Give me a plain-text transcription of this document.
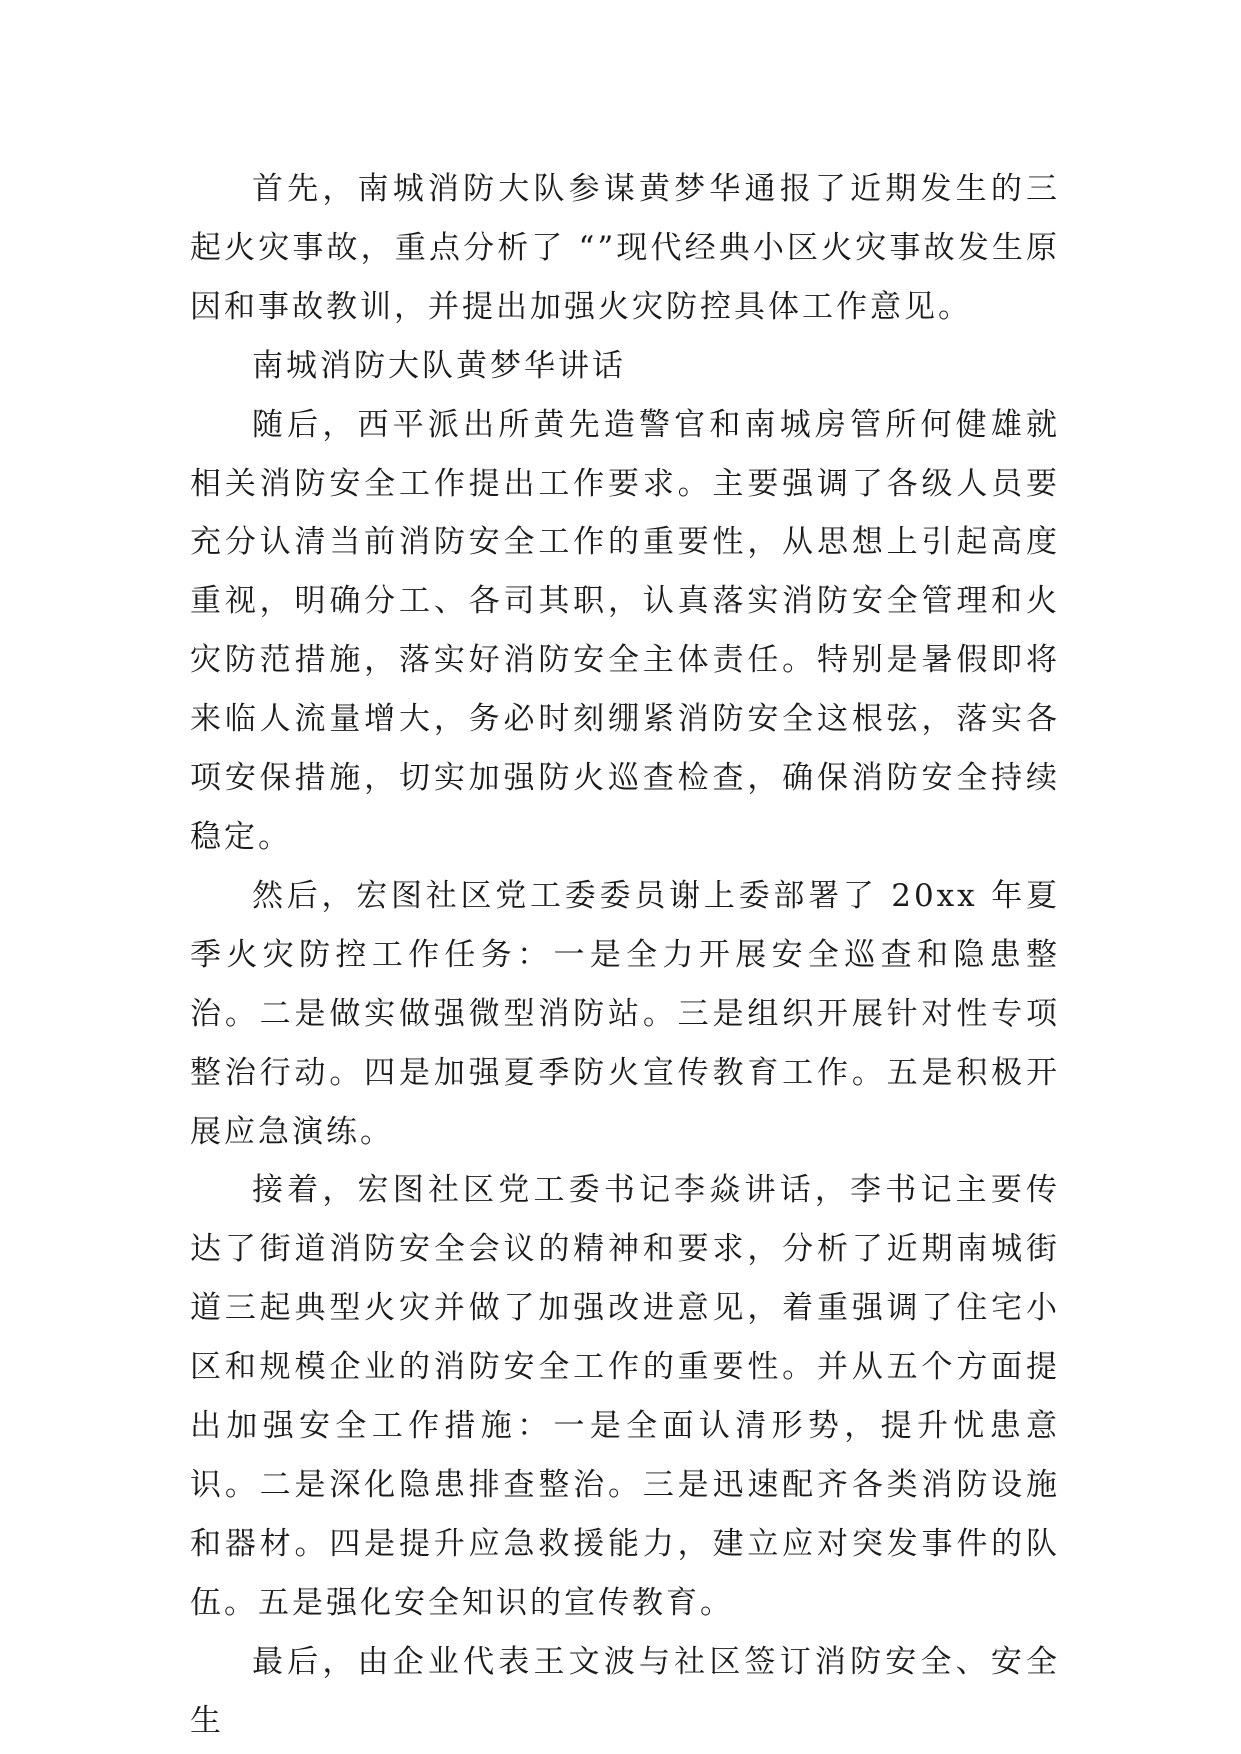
首先，南城消防大队参谋黄梦华通报了近期发生的三起火灾事故，重点分析了 “”现代经典小区火灾事故发生原因和事故教训，并提出加强火灾防控具体工作意见。

南城消防大队黄梦华讲话

随后，西平派出所黄先造警官和南城房管所何健雄就相关消防安全工作提出工作要求。主要强调了各级人员要充分认清当前消防安全工作的重要性，从思想上引起高度重视，明确分工、各司其职，认真落实消防安全管理和火灾防范措施，落实好消防安全主体责任。特别是暑假即将来临人流量增大，务必时刻绷紧消防安全这根弦，落实各项安保措施，切实加强防火巡查检查，确保消防安全持续稳定。

然后，宏图社区党工委委员谢上委部署了 20xx 年夏季火灾防控工作任务：一是全力开展安全巡查和隐患整治。二是做实做强微型消防站。三是组织开展针对性专项整治行动。四是加强夏季防火宣传教育工作。五是积极开展应急演练。

接着，宏图社区党工委书记李焱讲话，李书记主要传达了街道消防安全会议的精神和要求，分析了近期南城街道三起典型火灾并做了加强改进意见，着重强调了住宅小区和规模企业的消防安全工作的重要性。并从五个方面提出加强安全工作措施：一是全面认清形势，提升忧患意识。二是深化隐患排查整治。三是迅速配齐各类消防设施和器材。四是提升应急救援能力，建立应对突发事件的队伍。五是强化安全知识的宣传教育。

最后，由企业代表王文波与社区签订消防安全、安全生
